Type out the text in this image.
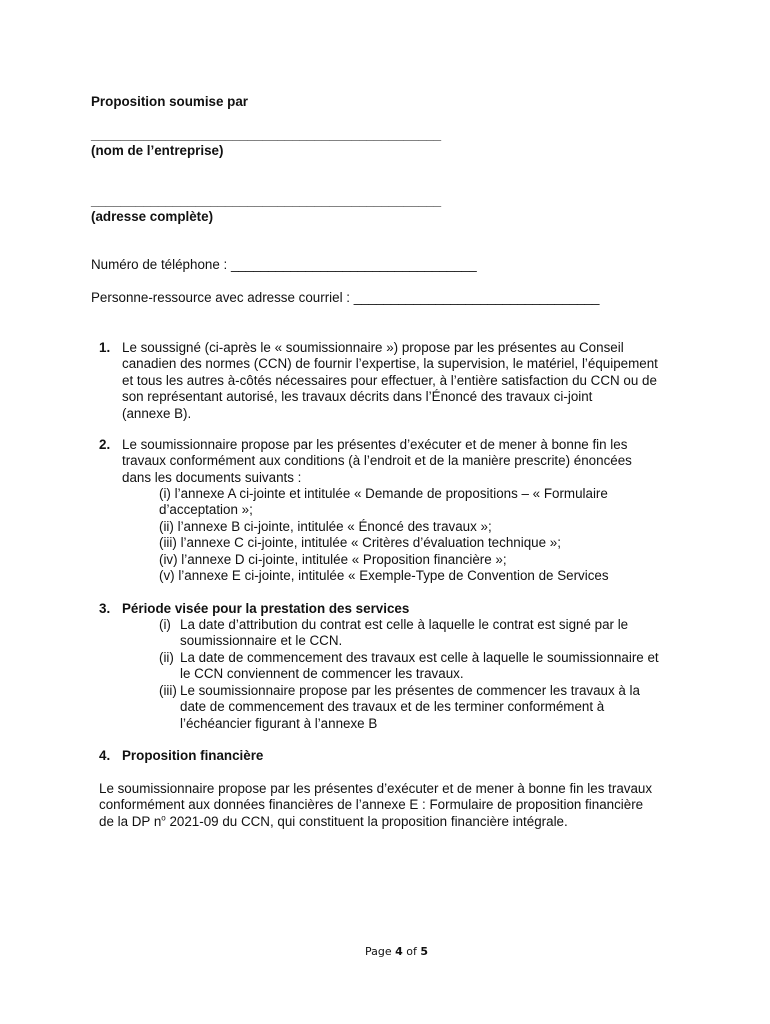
Proposition soumise par
_______________________________________________
(nom de l’entreprise)
_______________________________________________
(adresse complète)
Numéro de téléphone : _________________________________
Personne-ressource avec adresse courriel : _________________________________
1. Le soussigné (ci-après le « soumissionnaire ») propose par les présentes au Conseil
canadien des normes (CCN) de fournir l’expertise, la supervision, le matériel, l’équipement
et tous les autres à-côtés nécessaires pour effectuer, à l’entière satisfaction du CCN ou de
son représentant autorisé, les travaux décrits dans l’Énoncé des travaux ci-joint
(annexe B).
2. Le soumissionnaire propose par les présentes d’exécuter et de mener à bonne fin les
travaux conformément aux conditions (à l’endroit et de la manière prescrite) énoncées
dans les documents suivants :
(i) l’annexe A ci-jointe et intitulée « Demande de propositions – « Formulaire
d’acceptation »;
(ii) l’annexe B ci-jointe, intitulée « Énoncé des travaux »;
(iii) l’annexe C ci-jointe, intitulée « Critères d’évaluation technique »;
(iv) l’annexe D ci-jointe, intitulée « Proposition financière »;
(v) l’annexe E ci-jointe, intitulée « Exemple-Type de Convention de Services
3. Période visée pour la prestation des services
(i) La date d’attribution du contrat est celle à laquelle le contrat est signé par le
soumissionnaire et le CCN.
(ii) La date de commencement des travaux est celle à laquelle le soumissionnaire et
le CCN conviennent de commencer les travaux.
(iii) Le soumissionnaire propose par les présentes de commencer les travaux à la
date de commencement des travaux et de les terminer conformément à
l’échéancier figurant à l’annexe B
4. Proposition financière
Le soumissionnaire propose par les présentes d’exécuter et de mener à bonne fin les travaux
conformément aux données financières de l’annexe E : Formulaire de proposition financière
de la DP $n^o$ 2021-09 du CCN, qui constituent la proposition financière intégrale.
Page 4 of 5
